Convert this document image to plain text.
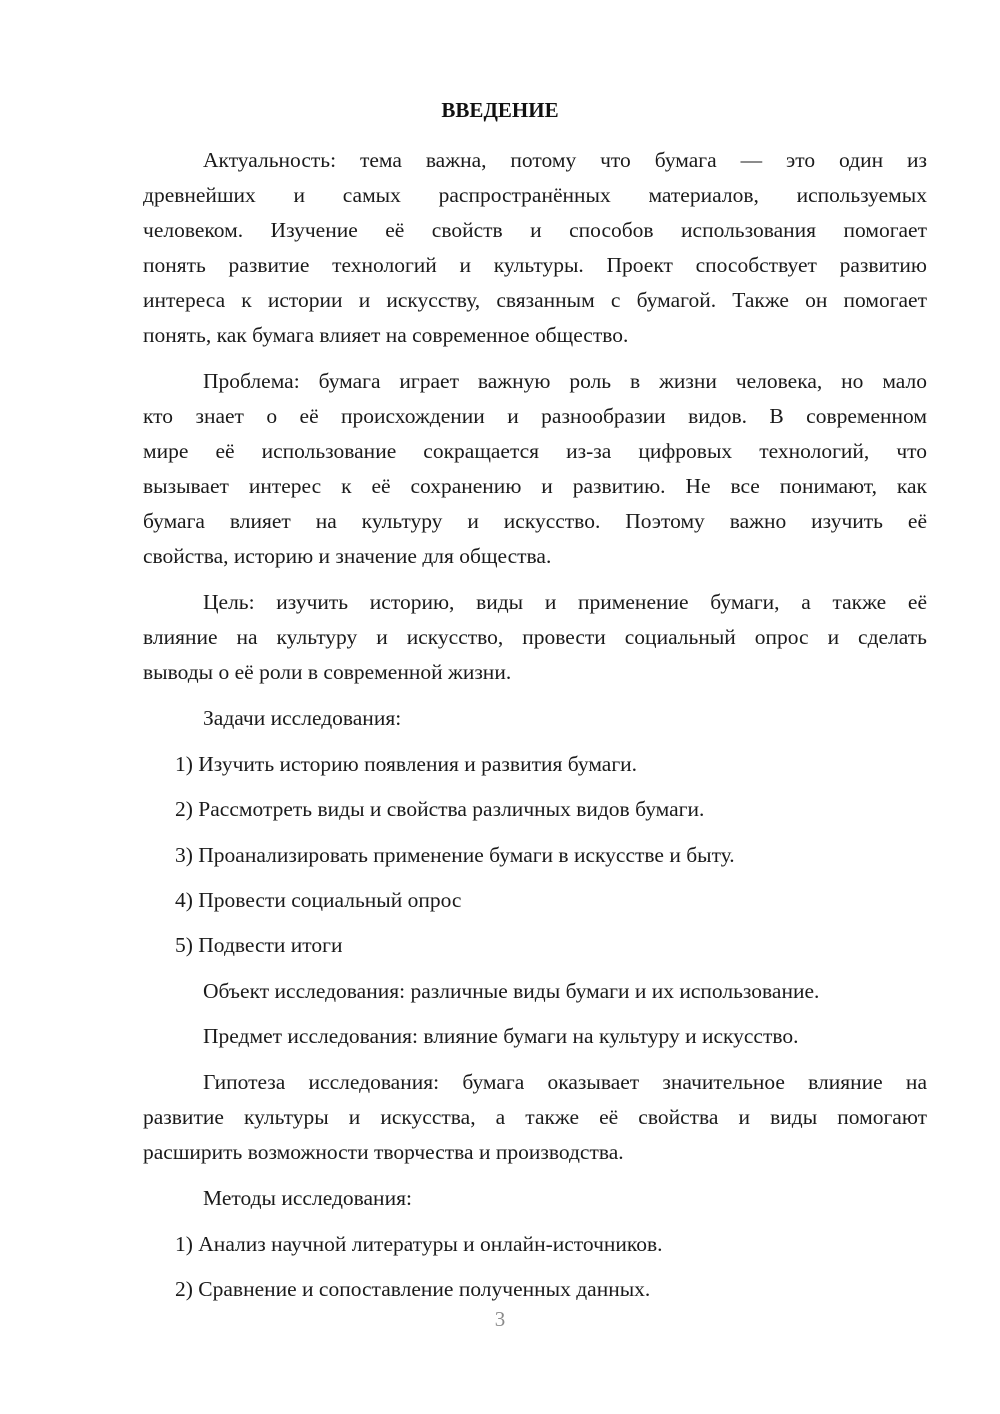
ВВЕДЕНИЕ
Актуальность: тема важна, потому что бумага — это один из
древнейших и самых распространённых материалов, используемых
человеком. Изучение её свойств и способов использования помогает
понять развитие технологий и культуры. Проект способствует развитию
интереса к истории и искусству, связанным с бумагой. Также он помогает
понять, как бумага влияет на современное общество.
Проблема: бумага играет важную роль в жизни человека, но мало
кто знает о её происхождении и разнообразии видов. В современном
мире её использование сокращается из-за цифровых технологий, что
вызывает интерес к её сохранению и развитию. Не все понимают, как
бумага влияет на культуру и искусство. Поэтому важно изучить её
свойства, историю и значение для общества.
Цель: изучить историю, виды и применение бумаги, а также её
влияние на культуру и искусство, провести социальный опрос и сделать
выводы о её роли в современной жизни.
Задачи исследования:
1) Изучить историю появления и развития бумаги.
2) Рассмотреть виды и свойства различных видов бумаги.
3) Проанализировать применение бумаги в искусстве и быту.
4) Провести социальный опрос
5) Подвести итоги
Объект исследования: различные виды бумаги и их использование.
Предмет исследования: влияние бумаги на культуру и искусство.
Гипотеза исследования: бумага оказывает значительное влияние на
развитие культуры и искусства, а также её свойства и виды помогают
расширить возможности творчества и производства.
Методы исследования:
1) Анализ научной литературы и онлайн-источников.
2) Сравнение и сопоставление полученных данных.
3
